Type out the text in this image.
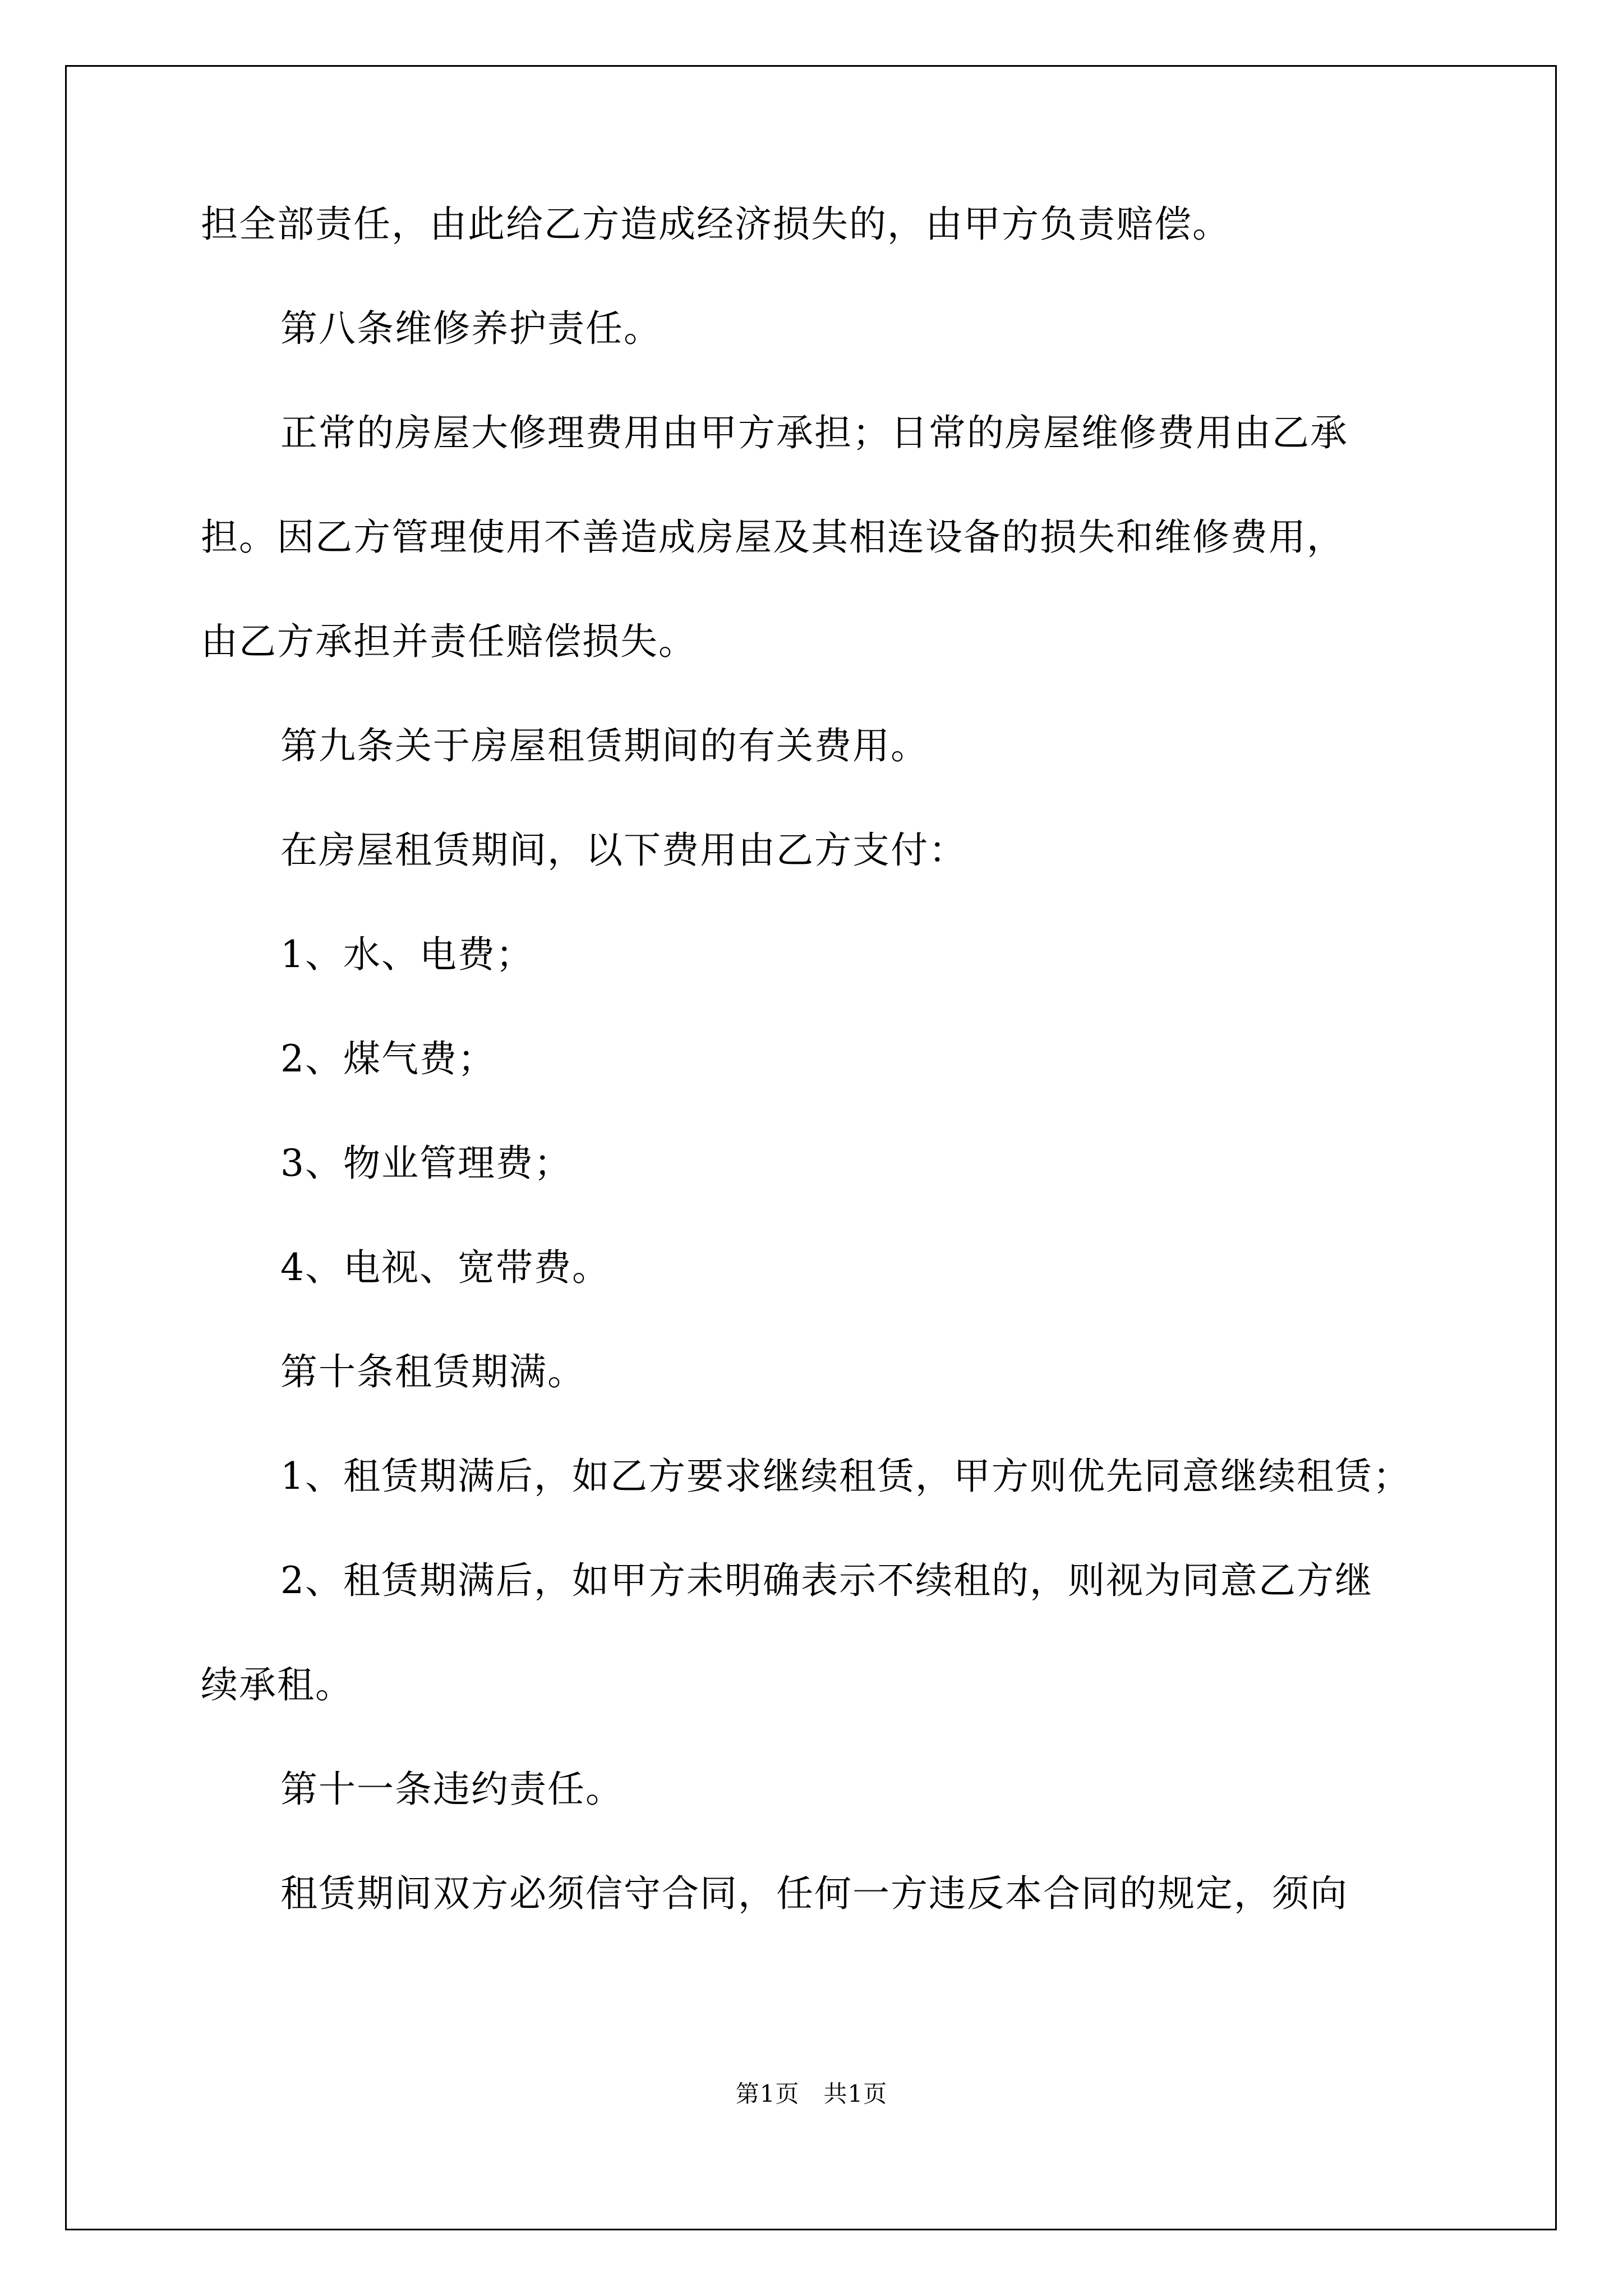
担全部责任，由此给乙方造成经济损失的，由甲方负责赔偿。
第八条维修养护责任。
正常的房屋大修理费用由甲方承担；日常的房屋维修费用由乙承
担。因乙方管理使用不善造成房屋及其相连设备的损失和维修费用，
由乙方承担并责任赔偿损失。
第九条关于房屋租赁期间的有关费用。
在房屋租赁期间，以下费用由乙方支付：
1、水、电费；
2、煤气费；
3、物业管理费；
4、电视、宽带费。
第十条租赁期满。
1、租赁期满后，如乙方要求继续租赁，甲方则优先同意继续租赁；
2、租赁期满后，如甲方未明确表示不续租的，则视为同意乙方继
续承租。
第十一条违约责任。
租赁期间双方必须信守合同，任何一方违反本合同的规定，须向
第1页　共1页
